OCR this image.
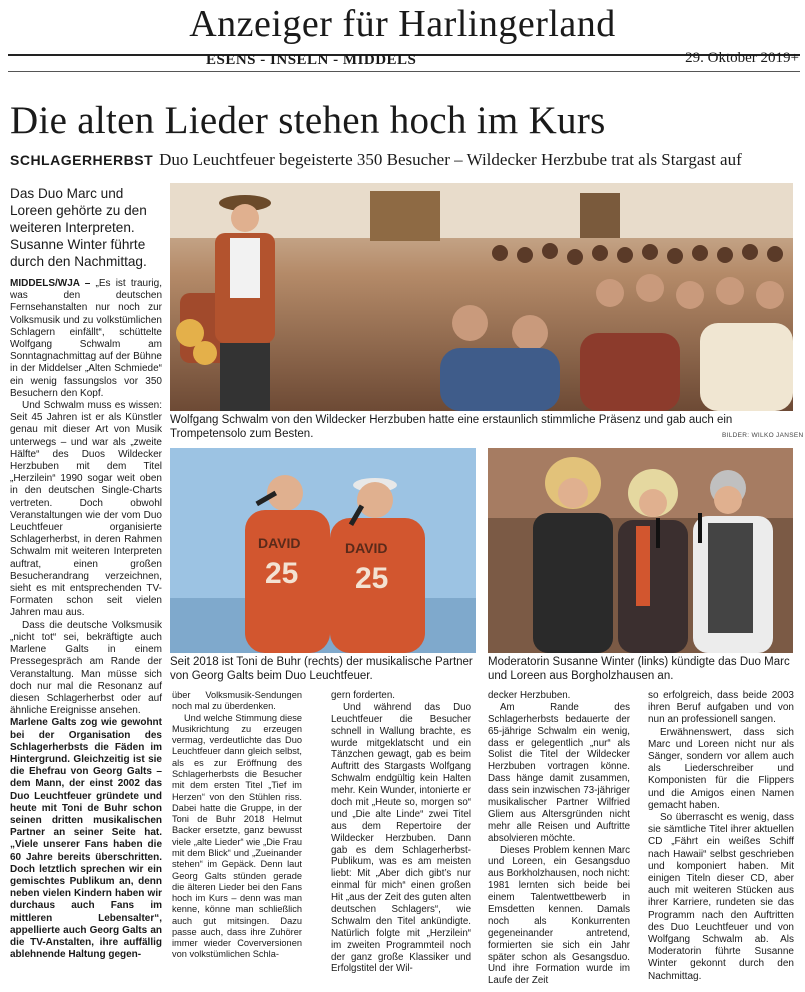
Anzeiger für Harlingerland
ESENS - INSELN - MIDDELS	29. Oktober 2019+
Die alten Lieder stehen hoch im Kurs
SCHLAGERHERBST Duo Leuchtfeuer begeisterte 350 Besucher – Wildecker Herzbube trat als Stargast auf
Das Duo Marc und Loreen gehörte zu den weiteren Interpreten. Susanne Winter führte durch den Nachmittag.
Wolfgang Schwalm von den Wildecker Herzbuben hatte eine erstaunlich stimmliche Präsenz und gab auch ein Trompetensolo zum Besten.	BILDER: WILKO JANSEN
DAVID
25
DAVID
25
Seit 2018 ist Toni de Buhr (rechts) der musikalische Partner von Georg Galts beim Duo Leuchtfeuer.
Moderatorin Susanne Winter (links) kündigte das Duo Marc und Loreen aus Borgholzhausen an.

MIDDELS/WJA – „Es ist traurig, was den deutschen Fernsehanstalten nur noch zur Volksmusik und zu volkstümlichen Schlagern einfällt“, schüttelte Wolfgang Schwalm am Sonntagnachmittag auf der Bühne in der Middelser „Alten Schmiede“ ein wenig fassungslos vor 350 Besuchern den Kopf.

Und Schwalm muss es wissen: Seit 45 Jahren ist er als Künstler genau mit dieser Art von Musik unterwegs – und war als „zweite Hälfte“ des Duos Wildecker Herzbuben mit dem Titel „Herzilein“ 1990 sogar weit oben in den deutschen Single-Charts vertreten. Doch obwohl Veranstaltungen wie der vom Duo Leuchtfeuer organisierte Schlagerherbst, in deren Rahmen Schwalm mit weiteren Interpreten auftrat, einen großen Besucherandrang verzeichnen, sieht es mit entsprechenden TV-Formaten schon seit vielen Jahren mau aus.

Dass die deutsche Volksmusik „nicht tot“ sei, bekräftigte auch Marlene Galts in einem Pressegespräch am Rande der Veranstaltung. Man müsse sich doch nur mal die Resonanz auf diesen Schlagerherbst oder auf ähnliche Ereignisse ansehen.

Marlene Galts zog wie gewohnt bei der Organisation des Schlagerherbsts die Fäden im Hintergrund. Gleichzeitig ist sie die Ehefrau von Georg Galts – dem Mann, der einst 2002 das Duo Leuchtfeuer gründete und heute mit Toni de Buhr schon seinen dritten musikalischen Partner an seiner Seite hat. „Viele unserer Fans haben die 60 Jahre bereits überschritten. Doch letztlich sprechen wir ein gemischtes Publikum an, denn neben vielen Kindern haben wir durchaus auch Fans im mittleren Lebensalter“, appellierte auch Georg Galts an die TV-Anstalten, ihre auffällig ablehnende Haltung gegen-

über Volksmusik-Sendungen noch mal zu überdenken.

Und welche Stimmung diese Musikrichtung zu erzeugen vermag, verdeutlichte das Duo Leuchtfeuer dann gleich selbst, als es zur Eröffnung des Schlagerherbsts die Besucher mit dem ersten Titel „Tief im Herzen“ von den Stühlen riss. Dabei hatte die Gruppe, in der Toni de Buhr 2018 Helmut Backer ersetzte, ganz bewusst viele „alte Lieder“ wie „Die Frau mit dem Blick“ und „Zueinander stehen“ im Gepäck. Denn laut Georg Galts stünden gerade die älteren Lieder bei den Fans hoch im Kurs – denn was man kenne, könne man schließlich auch gut mitsingen. Dazu passe auch, dass ihre Zuhörer immer wieder Coverversionen von volkstümlichen Schla-

gern forderten.

Und während das Duo Leuchtfeuer die Besucher schnell in Wallung brachte, es wurde mitgeklatscht und ein Tänzchen gewagt, gab es beim Auftritt des Stargasts Wolfgang Schwalm endgültig kein Halten mehr. Kein Wunder, intonierte er doch mit „Heute so, morgen so“ und „Die alte Linde“ zwei Titel aus dem Repertoire der Wildecker Herzbuben. Dann gab es dem Schlagerherbst-Publikum, was es am meisten liebt: Mit „Aber dich gibt’s nur einmal für mich“ einen großen Hit „aus der Zeit des guten alten deutschen Schlagers“, wie Schwalm den Titel ankündigte. Natürlich folgte mit „Herzilein“ im zweiten Programmteil noch der ganz große Klassiker und Erfolgstitel der Wil-

decker Herzbuben.

Am Rande des Schlagerherbsts bedauerte der 65-jährige Schwalm ein wenig, dass er gelegentlich „nur“ als Solist die Titel der Wildecker Herzbuben vortragen könne. Dass hänge damit zusammen, dass sein inzwischen 73-jähriger musikalischer Partner Wilfried Gliem aus Altersgründen nicht mehr alle Reisen und Auftritte absolvieren möchte.

Dieses Problem kennen Marc und Loreen, ein Gesangsduo aus Borkholzhausen, noch nicht: 1981 lernten sich beide bei einem Talentwettbewerb in Emsdetten kennen. Damals noch als Konkurrenten gegeneinander antretend, formierten sie sich ein Jahr später schon als Gesangsduo. Und ihre Formation wurde im Laufe der Zeit

so erfolgreich, dass beide 2003 ihren Beruf aufgaben und von nun an professionell sangen.

Erwähnenswert, dass sich Marc und Loreen nicht nur als Sänger, sondern vor allem auch als Liederschreiber und Komponisten für die Flippers und die Amigos einen Namen gemacht haben.

So überrascht es wenig, dass sie sämtliche Titel ihrer aktuellen CD „Fährt ein weißes Schiff nach Hawaii“ selbst geschrieben und komponiert haben. Mit einigen Titeln dieser CD, aber auch mit weiteren Stücken aus ihrer Karriere, rundeten sie das Programm nach den Auftritten des Duo Leuchtfeuer und von Wolfgang Schwalm ab. Als Moderatorin führte Susanne Winter gekonnt durch den Nachmittag.
